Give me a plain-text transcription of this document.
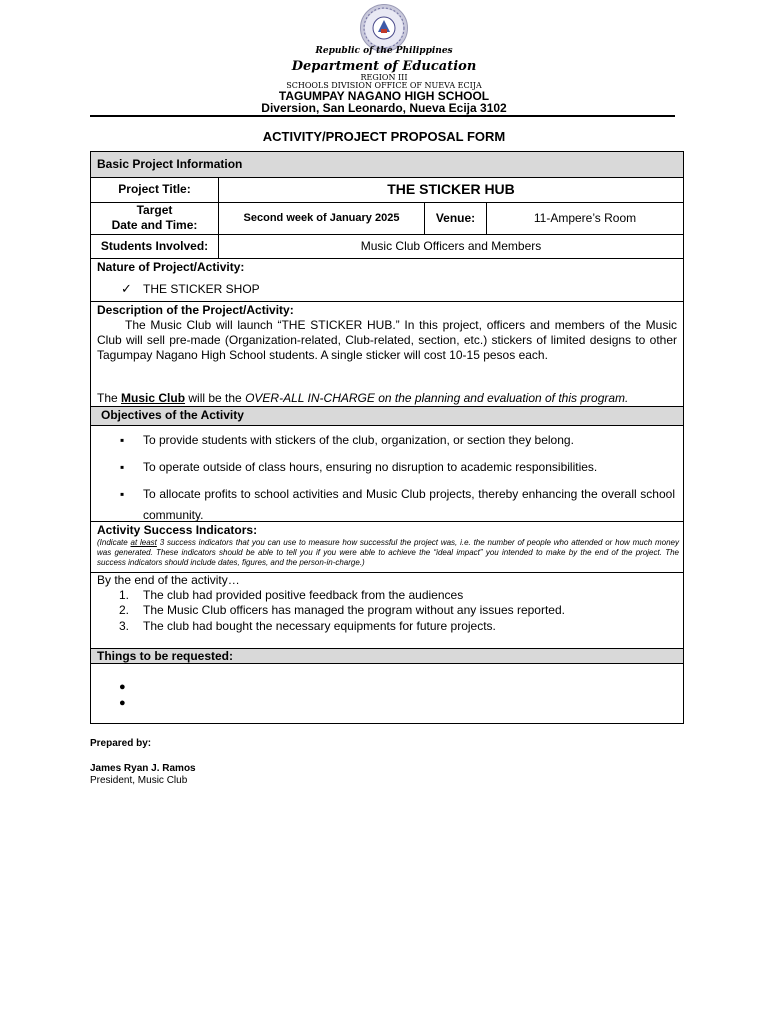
Republic of the Philippines
Department of Education
REGION III
SCHOOLS DIVISION OFFICE OF NUEVA ECIJA
TAGUMPAY NAGANO HIGH SCHOOL
Diversion, San Leonardo, Nueva Ecija 3102
ACTIVITY/PROJECT PROPOSAL FORM
Basic Project Information
Project Title:	THE STICKER HUB
Target
Date and Time:	Second week of January 2025	Venue:	11-Ampere’s Room
Students Involved:	Music Club Officers and Members
Nature of Project/Activity:
✓ THE STICKER SHOP
Description of the Project/Activity:
The Music Club will launch “THE STICKER HUB.” In this project, officers and members of the Music Club will sell pre-made (Organization-related, Club-related, section, etc.) stickers of limited designs to other Tagumpay Nagano High School students. A single sticker will cost 10-15 pesos each.
The Music Club will be the OVER-ALL IN-CHARGE on the planning and evaluation of this program.
Objectives of the Activity
▪ To provide students with stickers of the club, organization, or section they belong.
▪ To operate outside of class hours, ensuring no disruption to academic responsibilities.
▪ To allocate profits to school activities and Music Club projects, thereby enhancing the overall school community.
Activity Success Indicators:
(Indicate at least 3 success indicators that you can use to measure how successful the project was, i.e. the number of people who attended or how much money was generated. These indicators should be able to tell you if you were able to achieve the “ideal impact” you intended to make by the end of the project. The success indicators should include dates, figures, and the person-in-charge.)
By the end of the activity…
1. The club had provided positive feedback from the audiences
2. The Music Club officers has managed the program without any issues reported.
3. The club had bought the necessary equipments for future projects.
Things to be requested:
●
●
Prepared by:
James Ryan J. Ramos
President, Music Club
